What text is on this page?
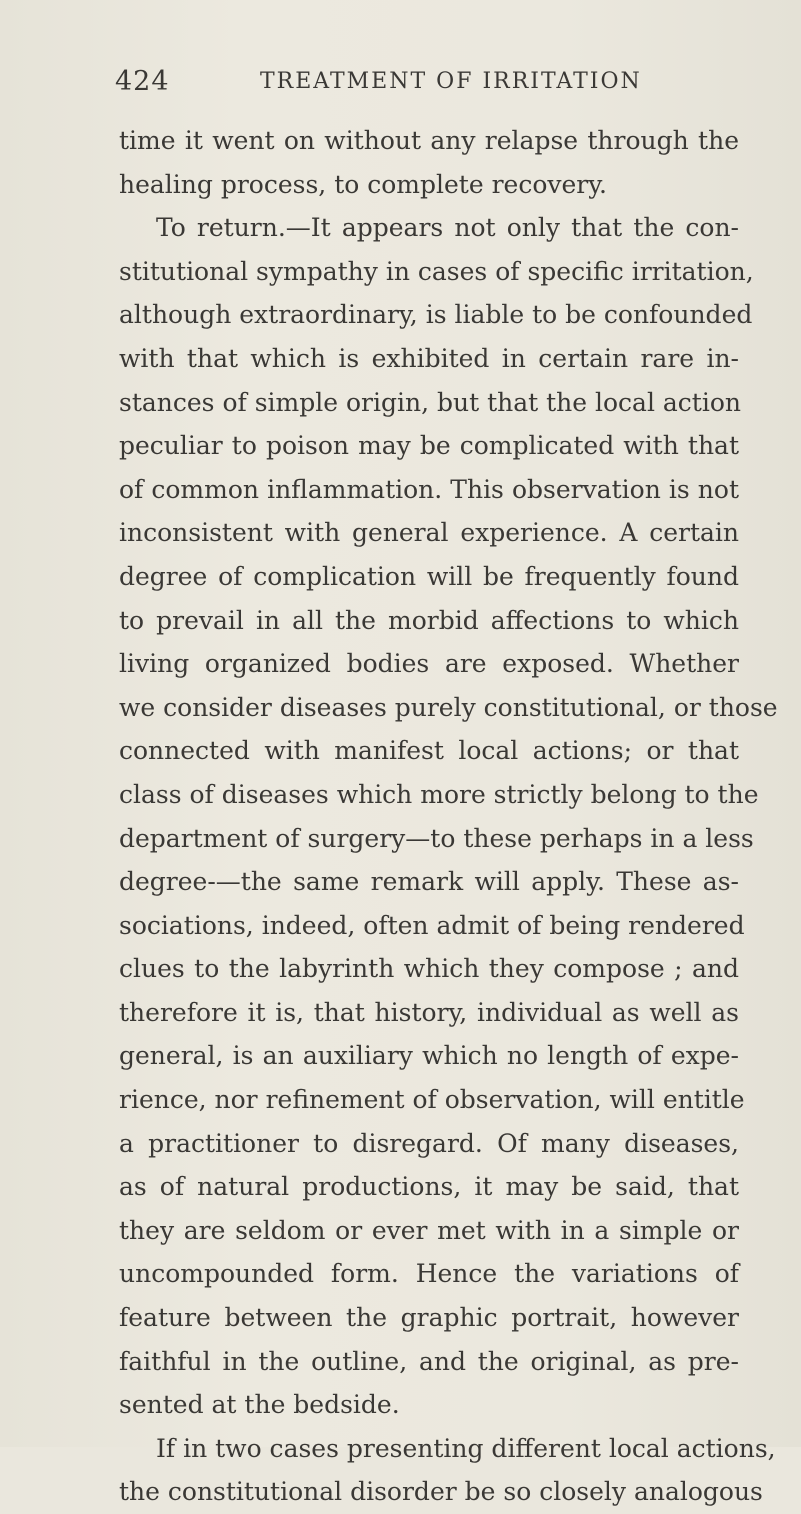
424	TREATMENT OF IRRITATION
time it went on without any relapse through the
healing process, to complete recovery.
To return.—It appears not only that the con-
stitutional sympathy in cases of specific irritation,
although extraordinary, is liable to be confounded
with that which is exhibited in certain rare in-
stances of simple origin, but that the local action
peculiar to poison may be complicated with that
of common inflammation. This observation is not
inconsistent with general experience. A certain
degree of complication will be frequently found
to prevail in all the morbid affections to which
living organized bodies are exposed. Whether
we consider diseases purely constitutional, or those
connected with manifest local actions; or that
class of diseases which more strictly belong to the
department of surgery—to these perhaps in a less
degree-—the same remark will apply. These as-
sociations, indeed, often admit of being rendered
clues to the labyrinth which they compose ; and
therefore it is, that history, individual as well as
general, is an auxiliary which no length of expe-
rience, nor refinement of observation, will entitle
a practitioner to disregard. Of many diseases,
as of natural productions, it may be said, that
they are seldom or ever met with in a simple or
uncompounded form. Hence the variations of
feature between the graphic portrait, however
faithful in the outline, and the original, as pre-
sented at the bedside.
If in two cases presenting different local actions,
the constitutional disorder be so closely analogous
